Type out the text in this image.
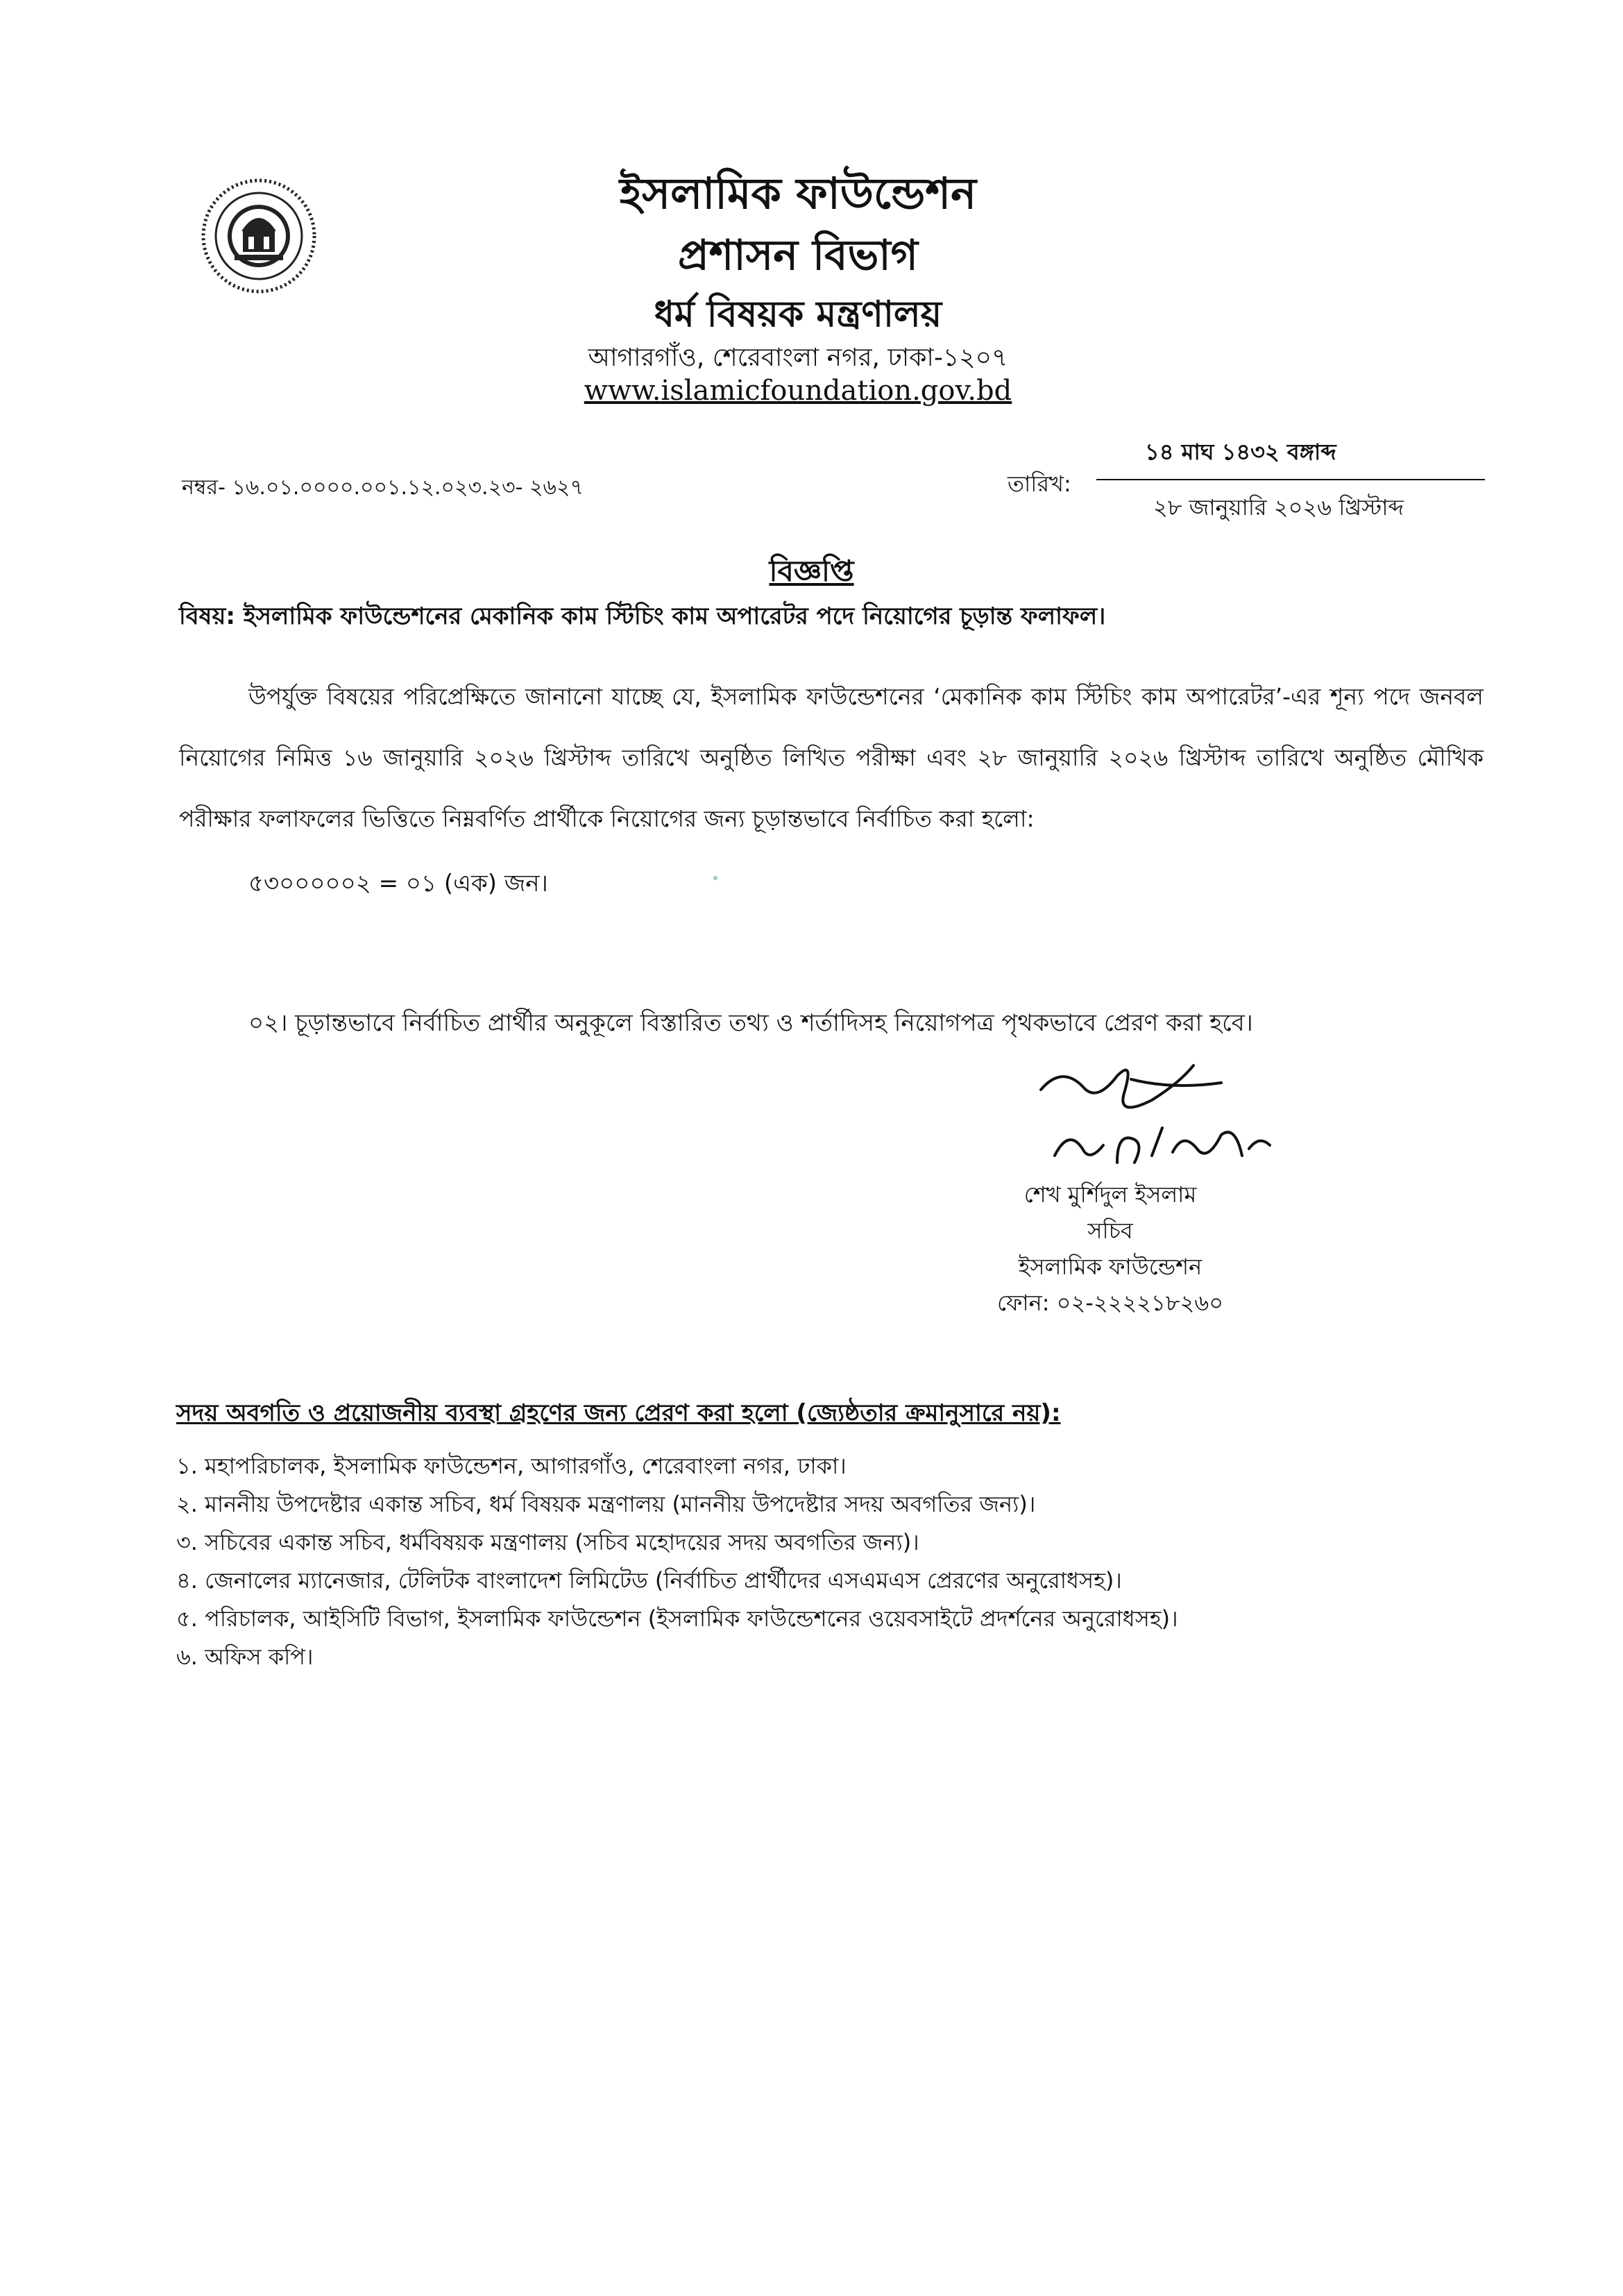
ইসলামিক ফাউন্ডেশন
প্রশাসন বিভাগ
ধর্ম বিষয়ক মন্ত্রণালয়
আগারগাঁও, শেরেবাংলা নগর, ঢাকা-১২০৭
www.islamicfoundation.gov.bd
নম্বর- ১৬.০১.০০০০.০০১.১২.০২৩.২৩- ২৬২৭	তারিখ:
১৪ মাঘ ১৪৩২ বঙ্গাব্দ
২৮ জানুয়ারি ২০২৬ খ্রিস্টাব্দ
বিজ্ঞপ্তি
বিষয়: ইসলামিক ফাউন্ডেশনের মেকানিক কাম স্টিচিং কাম অপারেটর পদে নিয়োগের চূড়ান্ত ফলাফল।

উপর্যুক্ত বিষয়ের পরিপ্রেক্ষিতে জানানো যাচ্ছে যে, ইসলামিক ফাউন্ডেশনের ‘মেকানিক কাম স্টিচিং কাম অপারেটর’-এর শূন্য পদে জনবল নিয়োগের নিমিত্ত ১৬ জানুয়ারি ২০২৬ খ্রিস্টাব্দ তারিখে অনুষ্ঠিত লিখিত পরীক্ষা এবং ২৮ জানুয়ারি ২০২৬ খ্রিস্টাব্দ তারিখে অনুষ্ঠিত মৌখিক পরীক্ষার ফলাফলের ভিত্তিতে নিম্নবর্ণিত প্রার্থীকে নিয়োগের জন্য চূড়ান্তভাবে নির্বাচিত করা হলো:

৫৩০০০০০২ = ০১ (এক) জন।
০২। চূড়ান্তভাবে নির্বাচিত প্রার্থীর অনুকূলে বিস্তারিত তথ্য ও শর্তাদিসহ নিয়োগপত্র পৃথকভাবে প্রেরণ করা হবে।
শেখ মুর্শিদুল ইসলাম
সচিব
ইসলামিক ফাউন্ডেশন
ফোন: ০২-২২২২১৮২৬০
সদয় অবগতি ও প্রয়োজনীয় ব্যবস্থা গ্রহণের জন্য প্রেরণ করা হলো (জ্যেষ্ঠতার ক্রমানুসারে নয়):
১. মহাপরিচালক, ইসলামিক ফাউন্ডেশন, আগারগাঁও, শেরেবাংলা নগর, ঢাকা।
২. মাননীয় উপদেষ্টার একান্ত সচিব, ধর্ম বিষয়ক মন্ত্রণালয় (মাননীয় উপদেষ্টার সদয় অবগতির জন্য)।
৩. সচিবের একান্ত সচিব, ধর্মবিষয়ক মন্ত্রণালয় (সচিব মহোদয়ের সদয় অবগতির জন্য)।
৪. জেনালের ম্যানেজার, টেলিটক বাংলাদেশ লিমিটেড (নির্বাচিত প্রার্থীদের এসএমএস প্রেরণের অনুরোধসহ)।
৫. পরিচালক, আইসিটি বিভাগ, ইসলামিক ফাউন্ডেশন (ইসলামিক ফাউন্ডেশনের ওয়েবসাইটে প্রদর্শনের অনুরোধসহ)।
৬. অফিস কপি।
